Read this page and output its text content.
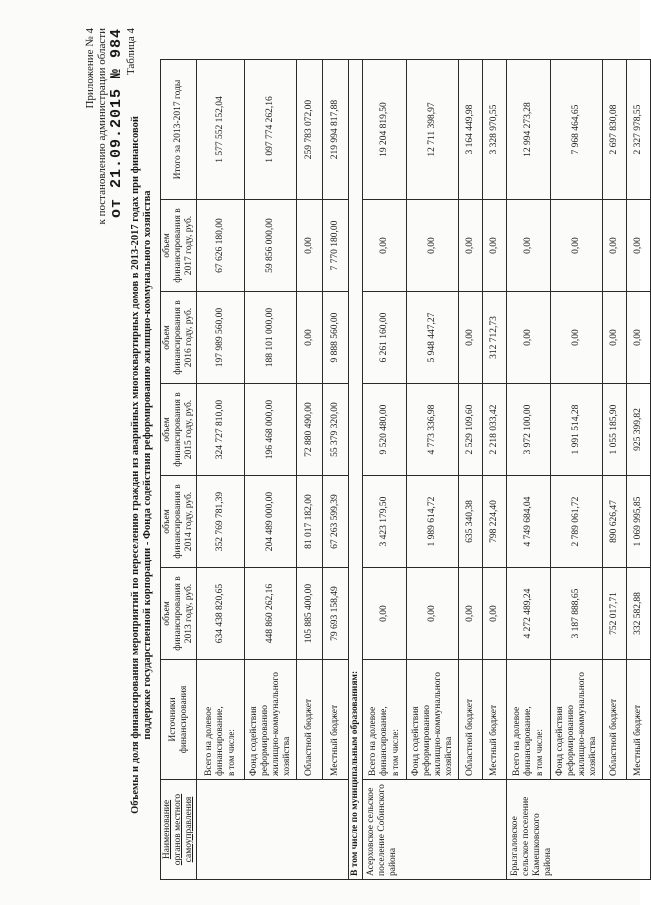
Приложение № 4 к постановлению администрации области от 21.09.2015 № 984 Таблица 4
Объемы и доля финансирования мероприятий по переселению граждан из аварийных многоквартирных домов в 2013-2017 годах при финансовой поддержке государственной корпорации - Фонда содействия реформированию жилищно-коммунального хозяйства
Наименование органов местного самоуправления	Источники финансирования	объем финансирования в 2013 году, руб.	объем финансирования в 2014 году, руб.	объем финансирования в 2015 году, руб.	объем финансирования в 2016 году, руб.	объем финансирования в 2017 году, руб.	Итого за 2013-2017 годы

	Всего на долевое финансирование, в том числе:	634 438 820,65	352 769 781,39	324 727 810,00	197 989 560,00	67 626 180,00	1 577 552 152,04

	Фонд содействия реформированию жилищно-коммунального хозяйства	448 860 262,16	204 489 000,00	196 468 000,00	188 101 000,00	59 856 000,00	1 097 774 262,16

	Областной бюджет	105 885 400,00	81 017 182,00	72 880 490,00	0,00	0,00	259 783 072,00

	Местный бюджет	79 693 158,49	67 263 599,39	55 379 320,00	9 888 560,00	7 770 180,00	219 994 817,88
В том числе по муниципальным образованиям:							
Асерховское сельское поселение Собинского района	Всего на долевое финансирование, в том числе:	0,00	3 423 179,50	9 520 480,00	6 261 160,00	0,00	19 204 819,50

	Фонд содействия реформированию жилищно-коммунального хозяйства	0,00	1 989 614,72	4 773 336,98	5 948 447,27	0,00	12 711 398,97

	Областной бюджет	0,00	635 340,38	2 529 109,60	0,00	0,00	3 164 449,98

	Местный бюджет	0,00	798 224,40	2 218 033,42	312 712,73	0,00	3 328 970,55
Брызгаловское сельское поселение Камешковского района	Всего на долевое финансирование, в том числе:	4 272 489,24	4 749 684,04	3 972 100,00	0,00	0,00	12 994 273,28

	Фонд содействия реформированию жилищно-коммунального хозяйства	3 187 888,65	2 789 061,72	1 991 514,28	0,00	0,00	7 968 464,65

	Областной бюджет	752 017,71	890 626,47	1 055 185,90	0,00	0,00	2 697 830,08

	Местный бюджет	332 582,88	1 069 995,85	925 399,82	0,00	0,00	2 327 978,55
